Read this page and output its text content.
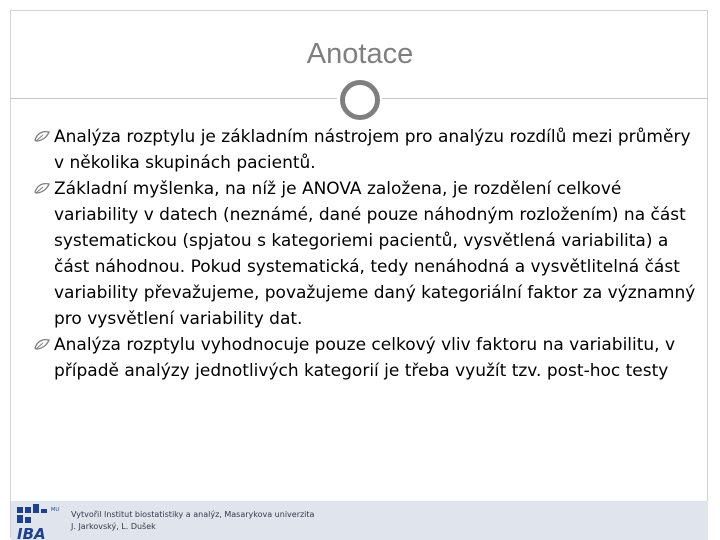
Anotace

Analýza rozptylu je základním nástrojem pro analýzu rozdílů mezi průměry v několika skupinách pacientů.

Základní myšlenka, na níž je ANOVA založena, je rozdělení celkové variability v datech (neznámé, dané pouze náhodným rozložením) na část systematickou (spjatou s kategoriemi pacientů, vysvětlená variabilita) a část náhodnou. Pokud systematická, tedy nenáhodná a vysvětlitelná část variability převažujeme, považujeme daný kategoriální faktor za významný pro vysvětlení variability dat.

Analýza rozptylu vyhodnocuje pouze celkový vliv faktoru na variabilitu, v případě analýzy jednotlivých kategorií je třeba využít tzv. post-hoc testy

MU
IBA
Vytvořil Institut biostatistiky a analýz, Masarykova univerzita
J. Jarkovský, L. Dušek
